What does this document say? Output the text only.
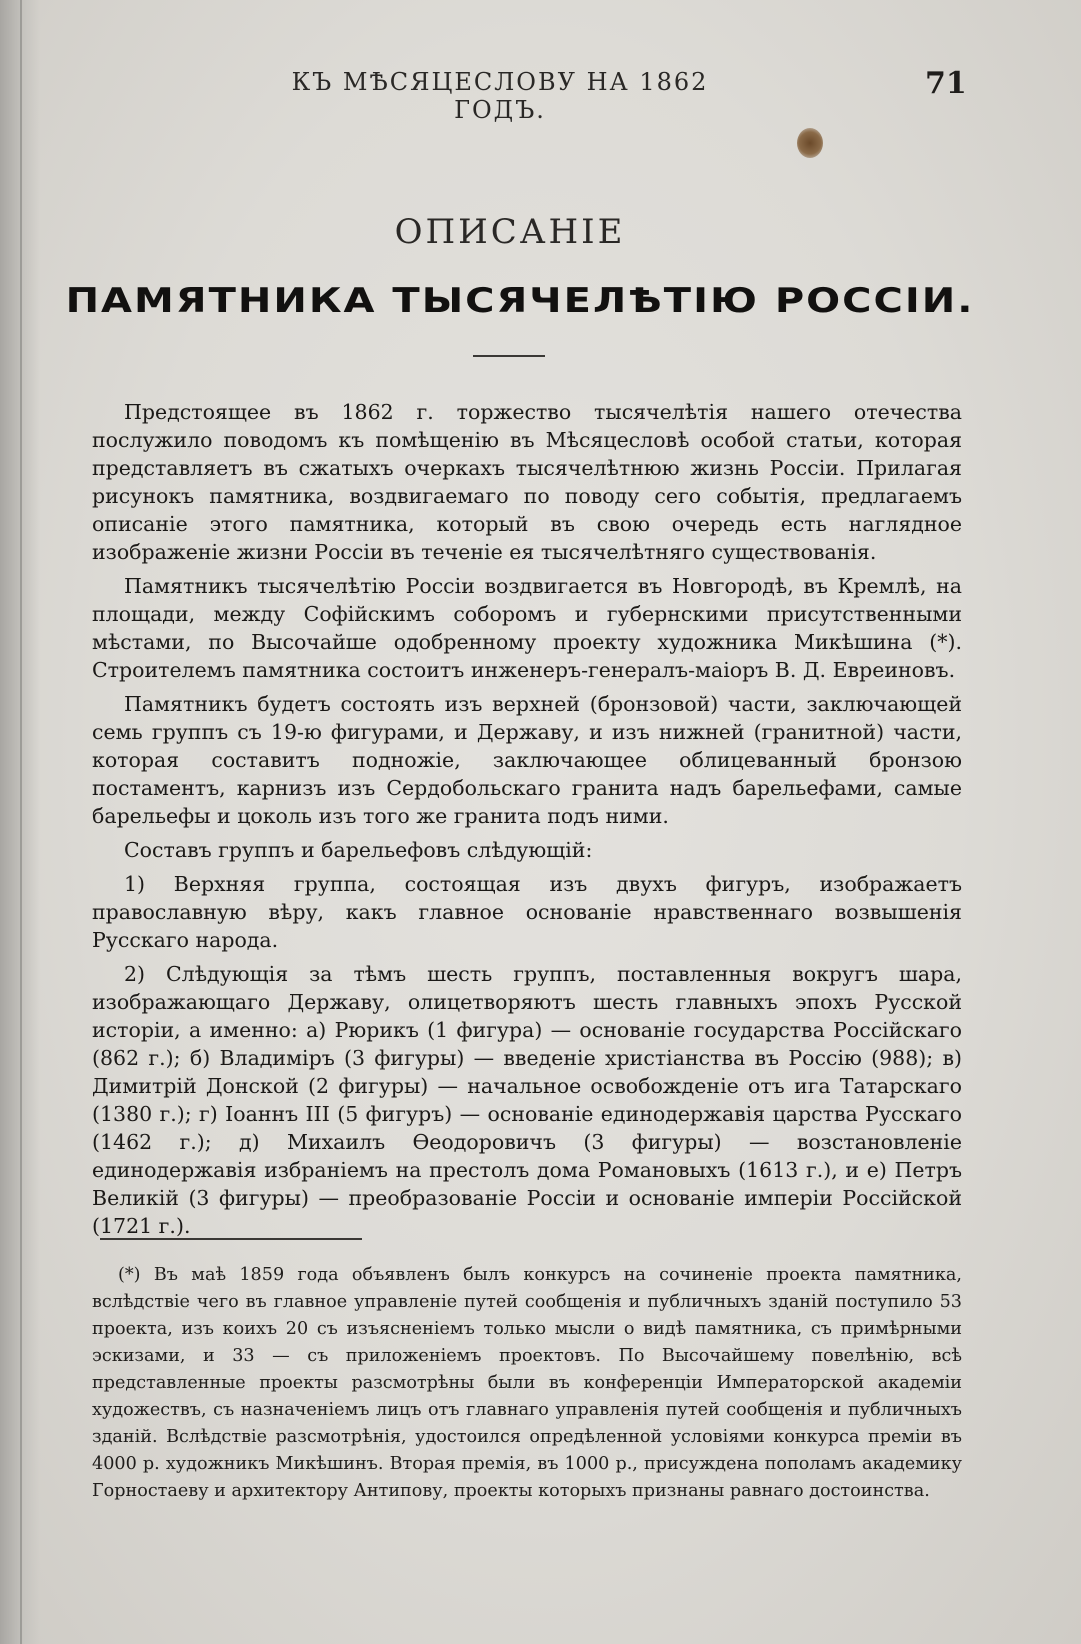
КЪ МѢСЯЦЕСЛОВУ НА 1862 ГОДЪ.
71
ОПИСАНІЕ
ПАМЯТНИКА ТЫСЯЧЕЛѢТІЮ РОССІИ.

Предстоящее въ 1862 г. торжество тысячелѣтія нашего отечества послужило поводомъ къ помѣщенію въ Мѣсяцесловѣ особой статьи, которая представляетъ въ сжатыхъ очеркахъ тысячелѣтнюю жизнь Россіи. Прилагая рисунокъ памятника, воздвигаемаго по поводу сего событія, предлагаемъ описаніе этого памятника, который въ свою очередь есть наглядное изображеніе жизни Россіи въ теченіе ея тысячелѣтняго существованія.

Памятникъ тысячелѣтію Россіи воздвигается въ Новгородѣ, въ Кремлѣ, на площади, между Софійскимъ соборомъ и губернскими присутственными мѣстами, по Высочайше одобренному проекту художника Микѣшина (*). Строителемъ памятника состоитъ инженеръ-генералъ-маіоръ В. Д. Евреиновъ.

Памятникъ будетъ состоять изъ верхней (бронзовой) части, заключающей семь группъ съ 19-ю фигурами, и Державу, и изъ нижней (гранитной) части, которая составитъ подножіе, заключающее облицеванный бронзою постаментъ, карнизъ изъ Сердобольскаго гранита надъ барельефами, самые барельефы и цоколь изъ того же гранита подъ ними.

Составъ группъ и барельефовъ слѣдующій:

1) Верхняя группа, состоящая изъ двухъ фигуръ, изображаетъ православную вѣру, какъ главное основаніе нравственнаго возвышенія Русскаго народа.

2) Слѣдующія за тѣмъ шесть группъ, поставленныя вокругъ шара, изображающаго Державу, олицетворяютъ шесть главныхъ эпохъ Русской исторіи, а именно: а) Рюрикъ (1 фигура) — основаніе государства Россійскаго (862 г.); б) Владиміръ (3 фигуры) — введеніе христіанства въ Россію (988); в) Димитрій Донской (2 фигуры) — начальное освобожденіе отъ ига Татарскаго (1380 г.); г) Іоаннъ III (5 фигуръ) — основаніе единодержавія царства Русскаго (1462 г.); д) Михаилъ Ѳеодоровичъ (3 фигуры) — возстановленіе единодержавія избраніемъ на престолъ дома Романовыхъ (1613 г.), и е) Петръ Великій (3 фигуры) — преобразованіе Россіи и основаніе имперіи Россійской (1721 г.).

(*) Въ маѣ 1859 года объявленъ былъ конкурсъ на сочиненіе проекта памятника, вслѣдствіе чего въ главное управленіе путей сообщенія и публичныхъ зданій поступило 53 проекта, изъ коихъ 20 съ изъясненіемъ только мысли о видѣ памятника, съ примѣрными эскизами, и 33 — съ приложеніемъ проектовъ. По Высочайшему повелѣнію, всѣ представленные проекты разсмотрѣны были въ конференціи Императорской академіи художествъ, съ назначеніемъ лицъ отъ главнаго управленія путей сообщенія и публичныхъ зданій. Вслѣдствіе разсмотрѣнія, удостоился опредѣленной условіями конкурса преміи въ 4000 р. художникъ Микѣшинъ. Вторая премія, въ 1000 р., присуждена пополамъ академику Горностаеву и архитектору Антипову, проекты которыхъ признаны равнаго достоинства.
